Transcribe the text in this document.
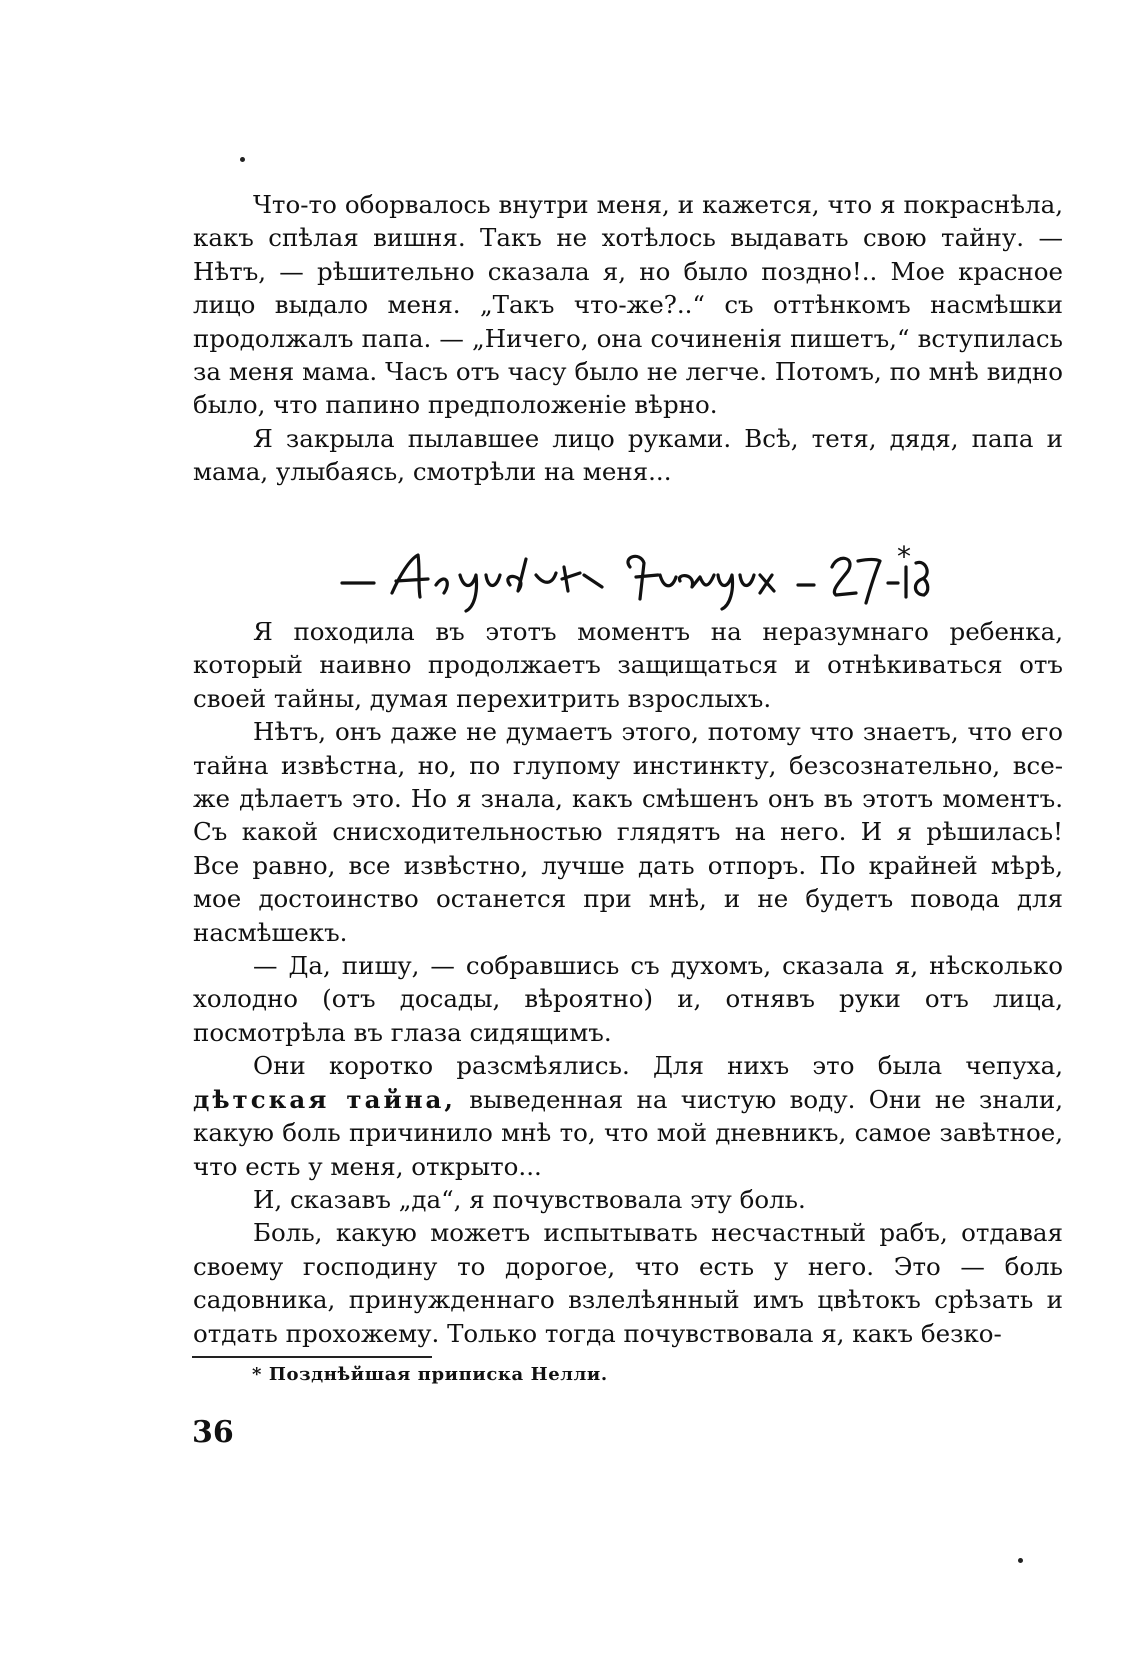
Что-то оборвалось внутри меня, и кажется, что я покраснѣла, какъ спѣлая вишня. Такъ не хотѣлось выдавать свою тайну. — Нѣтъ, — рѣшительно сказала я, но было поздно!.. Мое красное лицо выдало меня. „Такъ что-же?..“ съ оттѣнкомъ насмѣшки продолжалъ папа. — „Ничего, она сочиненія пишетъ,“ вступилась за меня мама. Часъ отъ часу было не легче. Потомъ, по мнѣ видно было, что папино предположеніе вѣрно.

Я закрыла пылавшее лицо руками. Всѣ, тетя, дядя, папа и мама, улыбаясь, смотрѣли на меня...

*

Я походила въ этотъ моментъ на неразумнаго ребенка, который наивно продолжаетъ защищаться и отнѣкиваться отъ своей тайны, думая перехитрить взрослыхъ.

Нѣтъ, онъ даже не думаетъ этого, потому что знаетъ, что его тайна извѣстна, но, по глупому инстинкту, безсознательно, все-же дѣлаетъ это. Но я знала, какъ смѣшенъ онъ въ этотъ моментъ. Съ какой снисходительностью глядятъ на него. И я рѣшилась! Все равно, все извѣстно, лучше дать отпоръ. По крайней мѣрѣ, мое достоинство останется при мнѣ, и не будетъ повода для насмѣшекъ.

— Да, пишу, — собравшись съ духомъ, сказала я, нѣсколько холодно (отъ досады, вѣроятно) и, отнявъ руки отъ лица, посмотрѣла въ глаза сидящимъ.

Они коротко разсмѣялись. Для нихъ это была чепуха, дѣтская тайна, выведенная на чистую воду. Они не знали, какую боль причинило мнѣ то, что мой дневникъ, самое завѣтное, что есть у меня, открыто...

И, сказавъ „да“, я почувствовала эту боль.

Боль, какую можетъ испытывать несчастный рабъ, отдавая своему господину то дорогое, что есть у него. Это — боль садовника, принужденнаго взлелѣянный имъ цвѣтокъ срѣзать и отдать прохожему. Только тогда почувствовала я, какъ безко-

* Позднѣйшая приписка Нелли.
36
